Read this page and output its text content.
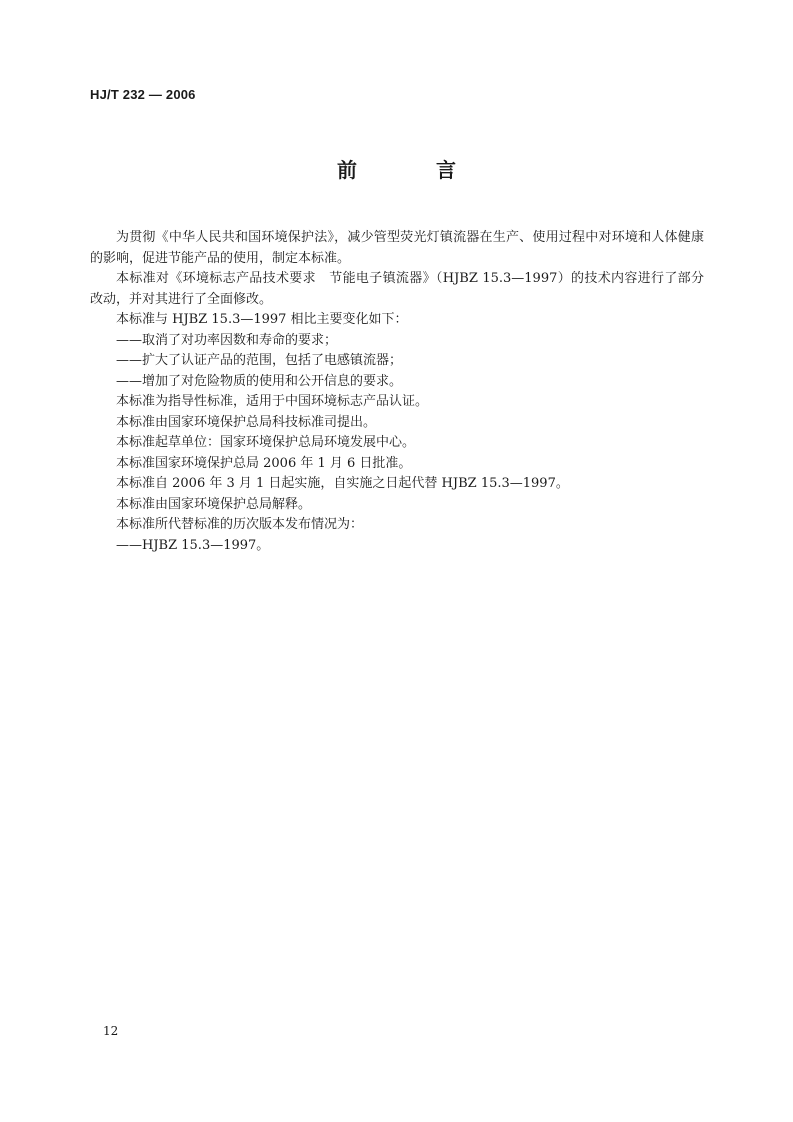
HJ/T 232 — 2006
前 言

为贯彻《中华人民共和国环境保护法》，减少管型荧光灯镇流器在生产、使用过程中对环境和人体健康的影响，促进节能产品的使用，制定本标准。

本标准对《环境标志产品技术要求　节能电子镇流器》（HJBZ 15.3—1997）的技术内容进行了部分改动，并对其进行了全面修改。

本标准与 HJBZ 15.3—1997 相比主要变化如下：

——取消了对功率因数和寿命的要求；

——扩大了认证产品的范围，包括了电感镇流器；

——增加了对危险物质的使用和公开信息的要求。

本标准为指导性标准，适用于中国环境标志产品认证。

本标准由国家环境保护总局科技标准司提出。

本标准起草单位：国家环境保护总局环境发展中心。

本标准国家环境保护总局 2006 年 1 月 6 日批准。

本标准自 2006 年 3 月 1 日起实施，自实施之日起代替 HJBZ 15.3—1997。

本标准由国家环境保护总局解释。

本标准所代替标准的历次版本发布情况为：

——HJBZ 15.3—1997。

12
